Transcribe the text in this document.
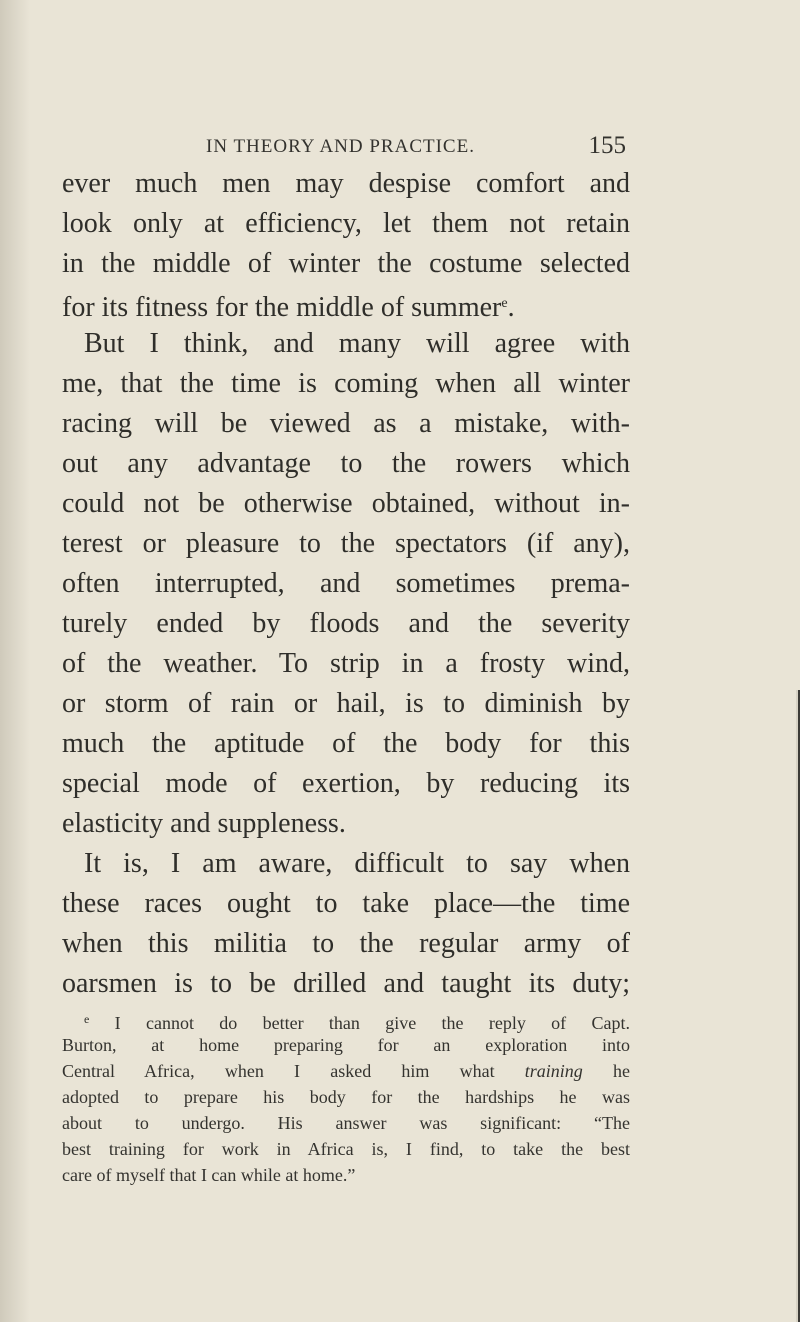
IN THEORY AND PRACTICE.	155
ever much men may despise comfort and
look only at efficiency, let them not retain
in the middle of winter the costume selected
for its fitness for the middle of summer$^e$.
But I think, and many will agree with
me, that the time is coming when all winter
racing will be viewed as a mistake, with-
out any advantage to the rowers which
could not be otherwise obtained, without in-
terest or pleasure to the spectators (if any),
often interrupted, and sometimes prema-
turely ended by floods and the severity
of the weather. To strip in a frosty wind,
or storm of rain or hail, is to diminish by
much the aptitude of the body for this
special mode of exertion, by reducing its
elasticity and suppleness.
It is, I am aware, difficult to say when
these races ought to take place—the time
when this militia to the regular army of
oarsmen is to be drilled and taught its duty;
$^e$ I cannot do better than give the reply of Capt.
Burton, at home preparing for an exploration into
Central Africa, when I asked him what training he
adopted to prepare his body for the hardships he was
about to undergo. His answer was significant: “The
best training for work in Africa is, I find, to take the best
care of myself that I can while at home.”
